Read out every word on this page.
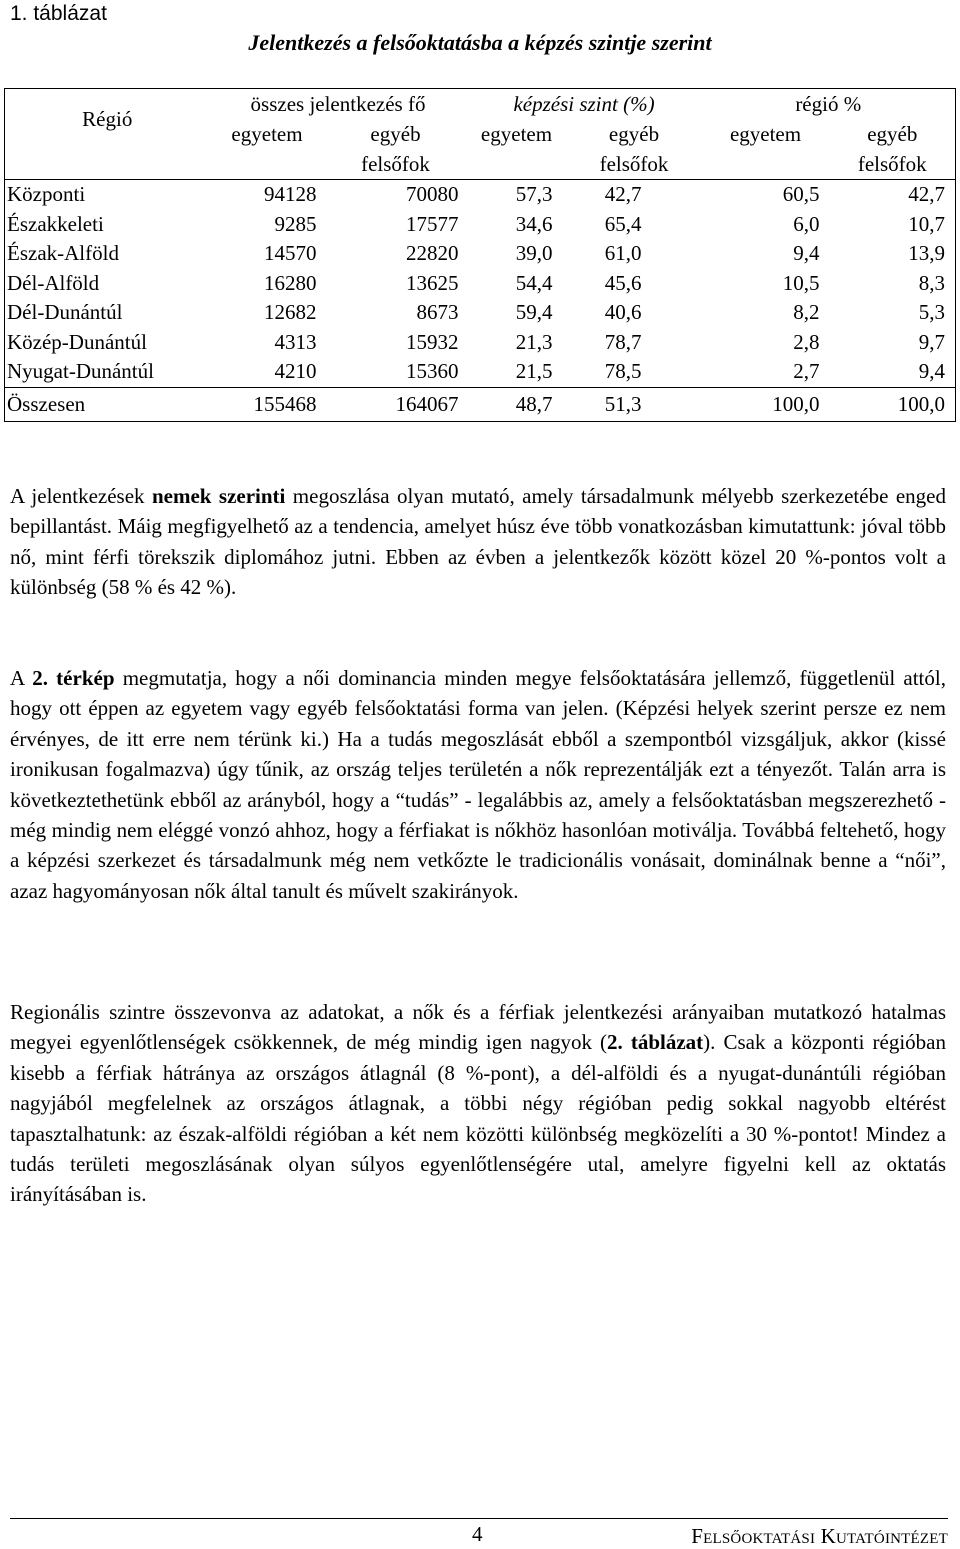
1. táblázat
Jelentkezés a felsőoktatásba a képzés szintje szerint
Régió	összes jelentkezés fő		képzési szint (%)		régió %	
	egyetem	egyéb	egyetem	egyéb	egyetem	egyéb
		felsőfok		felsőfok		felsőfok
Központi	94128	70080	57,3	42,7	60,5	42,7
Északkeleti	9285	17577	34,6	65,4	6,0	10,7
Észak-Alföld	14570	22820	39,0	61,0	9,4	13,9
Dél-Alföld	16280	13625	54,4	45,6	10,5	8,3
Dél-Dunántúl	12682	8673	59,4	40,6	8,2	5,3
Közép-Dunántúl	4313	15932	21,3	78,7	2,8	9,7
Nyugat-Dunántúl	4210	15360	21,5	78,5	2,7	9,4
Összesen	155468	164067	48,7	51,3	100,0	100,0
A jelentkezések nemek szerinti megoszlása olyan mutató, amely társadalmunk mélyebb szerkezetébe enged bepillantást. Máig megfigyelhető az a tendencia, amelyet húsz éve több vonatkozásban kimutattunk: jóval több nő, mint férfi törekszik diplomához jutni. Ebben az évben a jelentkezők között közel 20 %-pontos volt a különbség (58 % és 42 %).
A 2. térkép megmutatja, hogy a női dominancia minden megye felsőoktatására jellemző, függetlenül attól, hogy ott éppen az egyetem vagy egyéb felsőoktatási forma van jelen. (Képzési helyek szerint persze ez nem érvényes, de itt erre nem térünk ki.) Ha a tudás megoszlását ebből a szempontból vizsgáljuk, akkor (kissé ironikusan fogalmazva) úgy tűnik, az ország teljes területén a nők reprezentálják ezt a tényezőt. Talán arra is következtethetünk ebből az arányból, hogy a “tudás” - legalábbis az, amely a felsőoktatásban megszerezhető - még mindig nem eléggé vonzó ahhoz, hogy a férfiakat is nőkhöz hasonlóan motiválja. Továbbá feltehető, hogy a képzési szerkezet és társadalmunk még nem vetkőzte le tradicionális vonásait, dominálnak benne a “női”, azaz hagyományosan nők által tanult és művelt szakirányok.
Regionális szintre összevonva az adatokat, a nők és a férfiak jelentkezési arányaiban mutatkozó hatalmas megyei egyenlőtlenségek csökkennek, de még mindig igen nagyok (2. táblázat). Csak a központi régióban kisebb a férfiak hátránya az országos átlagnál (8 %-pont), a dél-alföldi és a nyugat-dunántúli régióban nagyjából megfelelnek az országos átlagnak, a többi négy régióban pedig sokkal nagyobb eltérést tapasztalhatunk: az észak-alföldi régióban a két nem közötti különbség megközelíti a 30 %-pontot! Mindez a tudás területi megoszlásának olyan súlyos egyenlőtlenségére utal, amelyre figyelni kell az oktatás irányításában is.
4	Felsőoktatási Kutatóintézet
